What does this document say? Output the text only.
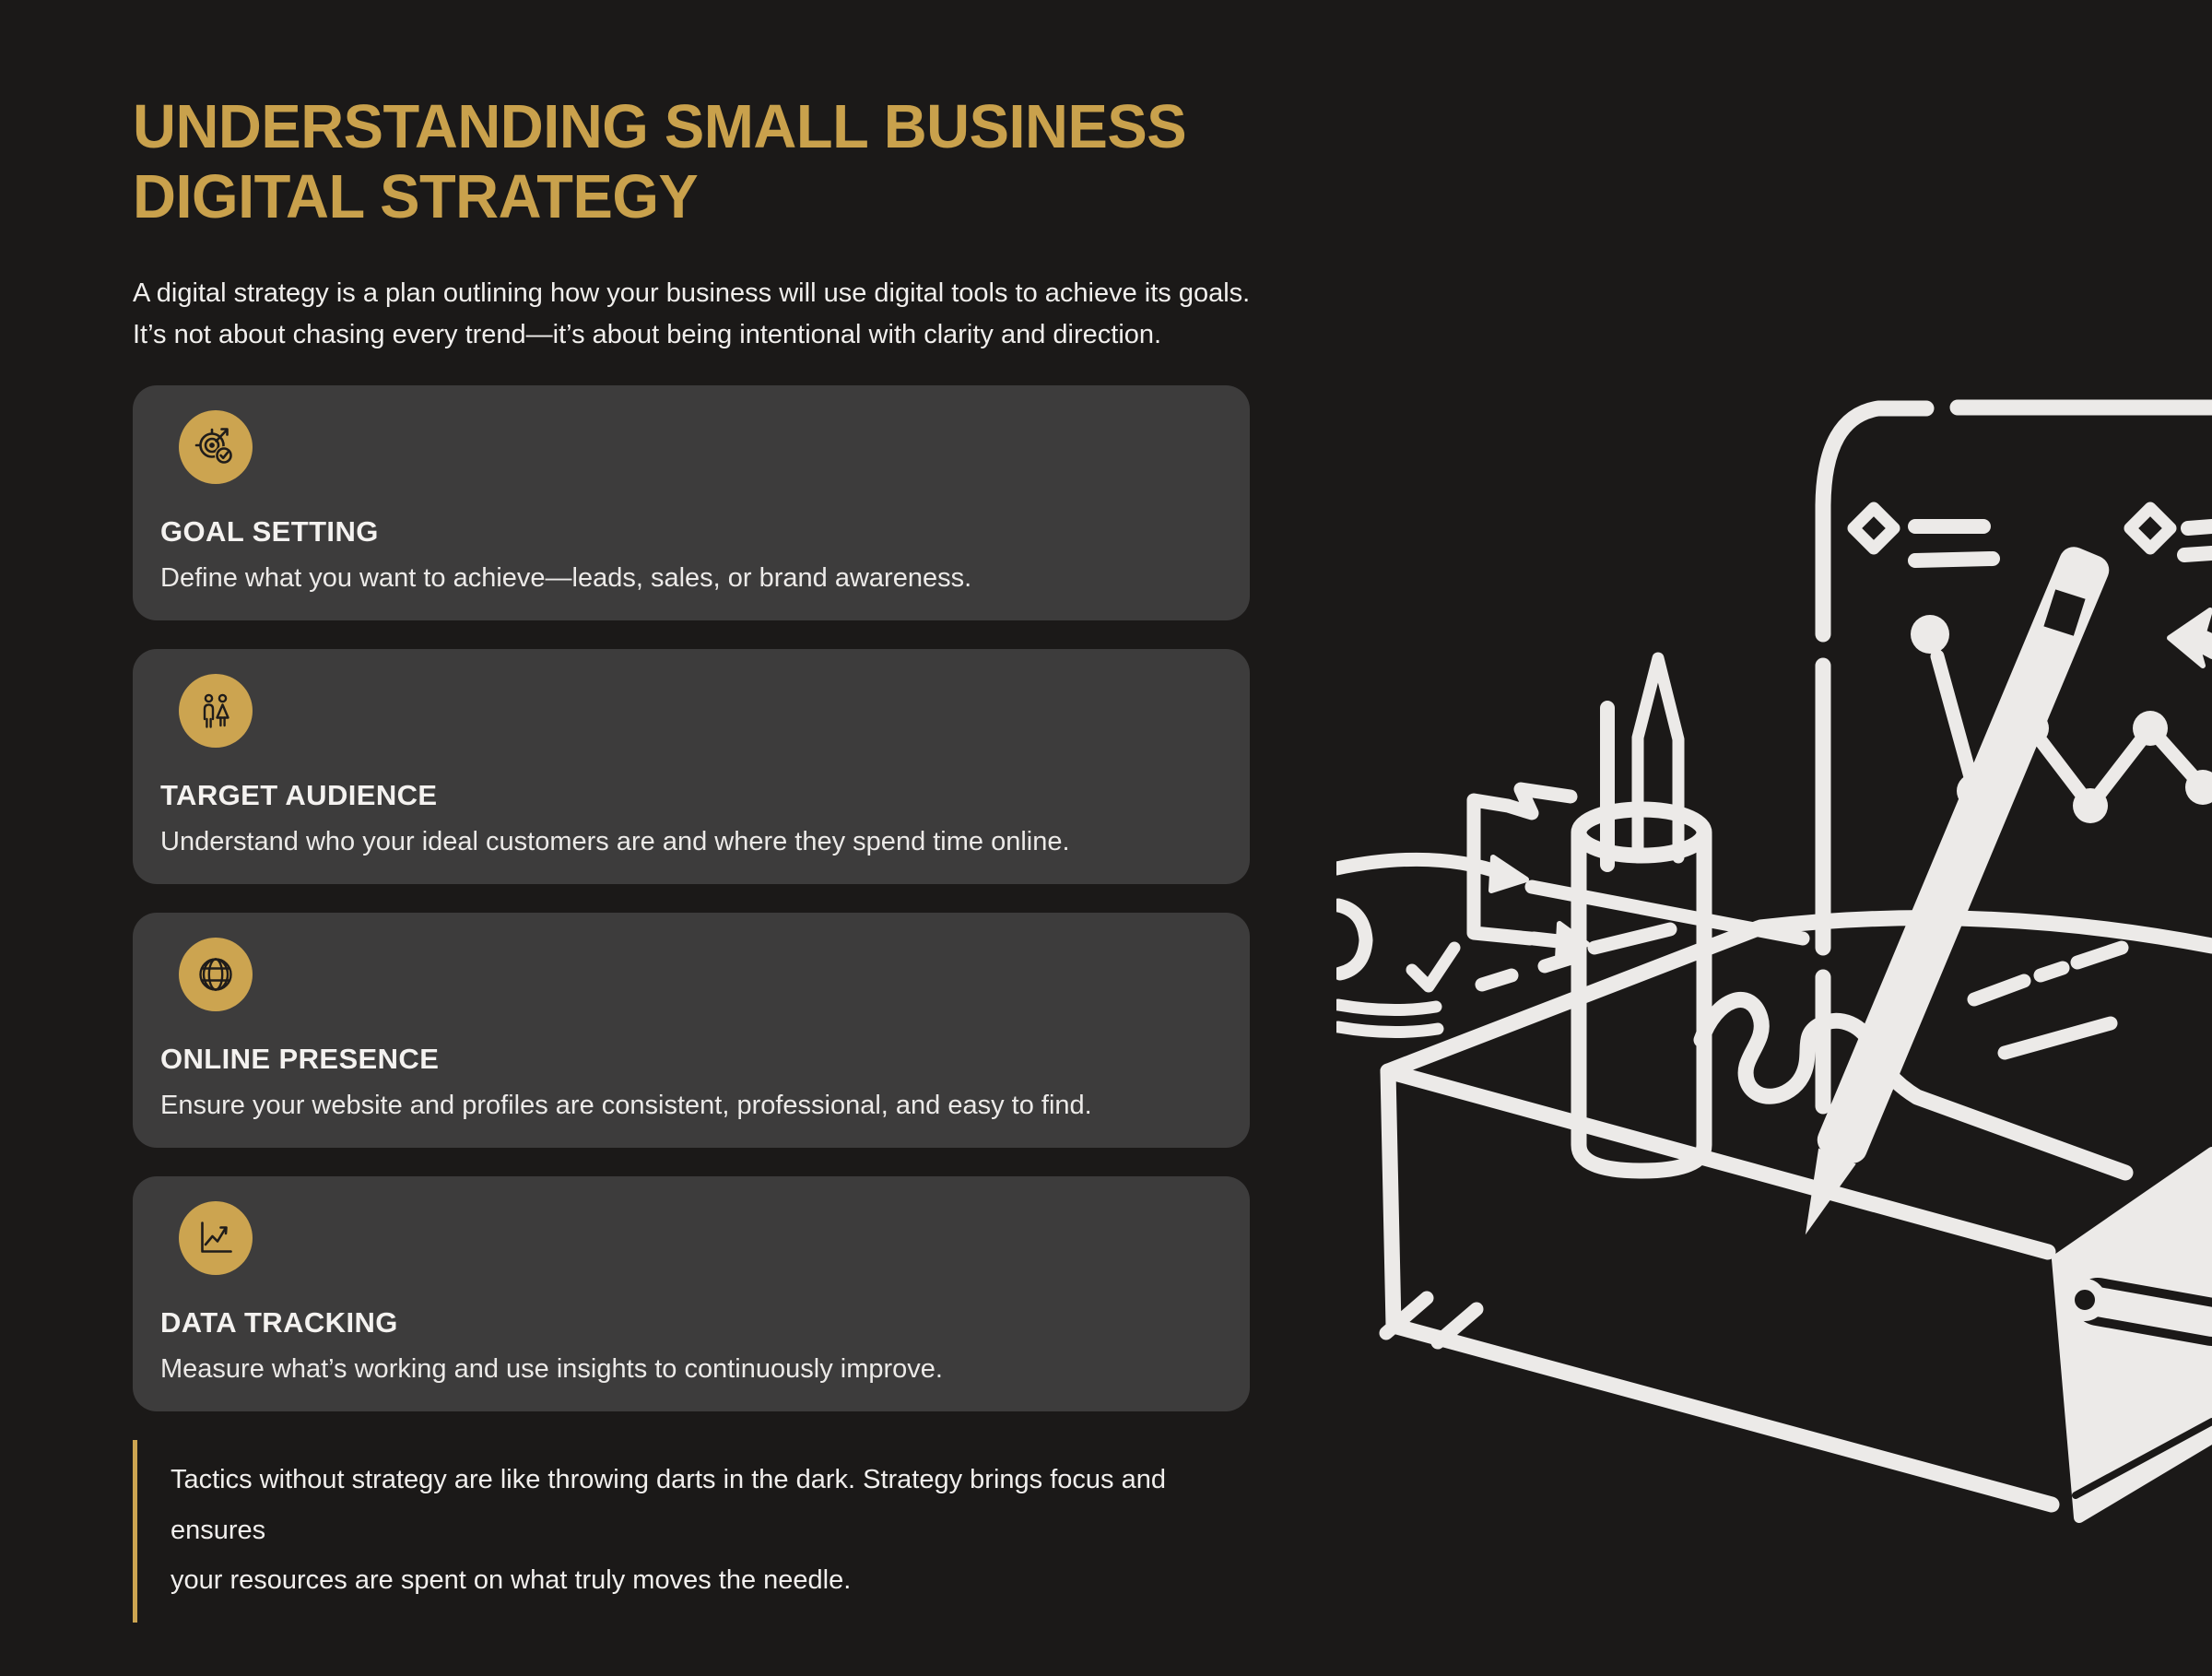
UNDERSTANDING SMALL BUSINESS DIGITAL STRATEGY
A digital strategy is a plan outlining how your business will use digital tools to achieve its goals.
It’s not about chasing every trend—it’s about being intentional with clarity and direction.
GOAL SETTING

Define what you want to achieve—leads, sales, or brand awareness.

TARGET AUDIENCE

Understand who your ideal customers are and where they spend time online.

ONLINE PRESENCE

Ensure your website and profiles are consistent, professional, and easy to find.

DATA TRACKING

Measure what’s working and use insights to continuously improve.

Tactics without strategy are like throwing darts in the dark. Strategy brings focus and ensures
your resources are spent on what truly moves the needle.
